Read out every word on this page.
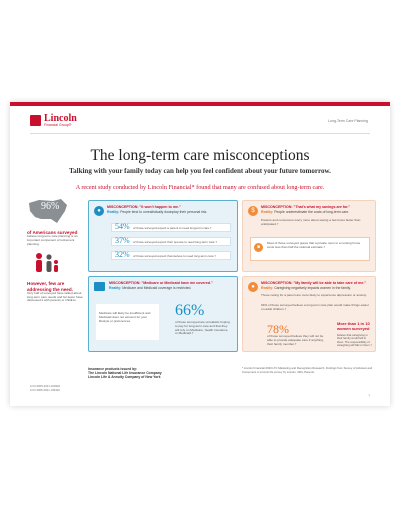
Lincoln
Financial Group®
Long-Term Care Planning
The long-term care misconceptions
Talking with your family today can help you feel confident about your future tomorrow.
A recent study conducted by Lincoln Financial* found that many are confused about long-term care.
96%
of Americans surveyed
believe long-term care planning is an important component of retirement planning.
However, few are addressing the need.
Only half of surveyed have talked about long-term care needs and far fewer have discussed it with parents or children.
●
MISCONCEPTION: "It won't happen to me."
Reality: People tend to unrealistically downplay their personal risk.
54% of those surveyed expect a parent to need long-term care.†
37% of those surveyed expect their spouse to need long-term care.†
32% of those surveyed expect themselves to need long-term care.†
$
MISCONCEPTION: "That's what my savings are for."
Reality: People underestimate the costs of long-term care.
Parents and consumers worry more about saving a few times faster than anticipated.†
■
Most of those surveyed guess that a private room in a nursing home costs less than half the national estimate.†
MISCONCEPTION: "Medicare or Medicaid have me covered."
Reality: Medicare and Medicaid coverage is restricted.
Medicare will likely be insufficient and Medicaid does not account for your lifestyle or preferences.
66%
of those surveyed are unrealistic hoping to pay for long-term care and that they will rely on Medicare, health insurance, or Medicaid.†
●
MISCONCEPTION: "My family will be able to take care of me."
Reality: Caregiving negatively impacts women in the family.
Those caring for a parent are more likely to experience depression or anxiety.
94% of those surveyed believe a long-term care plan would make things easier on adult children.†
78%
of those surveyed believe they will not be able to provide adequate care if anything, their family member.†
More than 1 in 10 women surveyed
believe that caregiving in their family would fall to them. The responsibility of caregiving will fall on them.†
Insurance products issued by:
The Lincoln National Life Insurance Company
Lincoln Life & Annuity Company of New York
* Lincoln Financial 2020 LTC Marketing and Recognition Research. Findings from Survey of Advisors and Consumers in Lincoln life survey by Lincoln. 400+ Parents.
LCN-3005-2021-109320
LCN 3005-2021 109320
1
